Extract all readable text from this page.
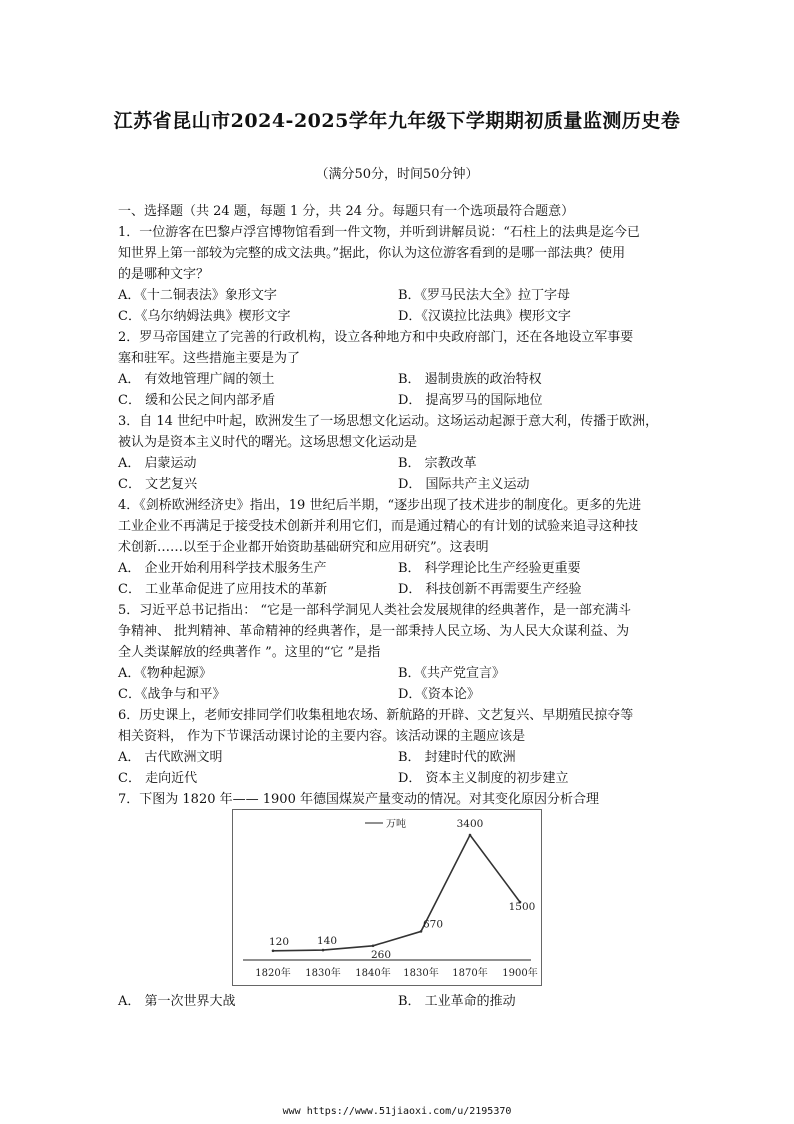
江苏省昆山市2024-2025学年九年级下学期期初质量监测历史卷
（满分50分，时间50分钟）
一、选择题（共 24 题，每题 1 分，共 24 分。每题只有一个选项最符合题意）
1．一位游客在巴黎卢浮宫博物馆看到一件文物，并听到讲解员说：“石柱上的法典是迄今已
知世界上第一部较为完整的成文法典。”据此，你认为这位游客看到的是哪一部法典？使用
的是哪种文字？
A．《十二铜表法》象形文字	B．《罗马民法大全》拉丁字母
C．《乌尔纳姆法典》楔形文字	D．《汉谟拉比法典》楔形文字
2．罗马帝国建立了完善的行政机构，设立各种地方和中央政府部门，还在各地设立军事要
塞和驻军。这些措施主要是为了
A． 有效地管理广阔的领土	B． 遏制贵族的政治特权
C． 缓和公民之间内部矛盾	D． 提高罗马的国际地位
3．自 14 世纪中叶起，欧洲发生了一场思想文化运动。这场运动起源于意大利，传播于欧洲，
被认为是资本主义时代的曙光。这场思想文化运动是
A． 启蒙运动	B． 宗教改革
C． 文艺复兴	D． 国际共产主义运动
4．《剑桥欧洲经济史》指出，19 世纪后半期，“逐步出现了技术进步的制度化。更多的先进
工业企业不再满足于接受技术创新并利用它们，而是通过精心的有计划的试验来追寻这种技
术创新……以至于企业都开始资助基础研究和应用研究”。这表明
A． 企业开始利用科学技术服务生产	B． 科学理论比生产经验更重要
C． 工业革命促进了应用技术的革新	D． 科技创新不再需要生产经验
5．习近平总书记指出： “它是一部科学洞见人类社会发展规律的经典著作，是一部充满斗
争精神、 批判精神、革命精神的经典著作，是一部秉持人民立场、为人民大众谋利益、为
全人类谋解放的经典著作 ”。这里的“它 ”是指
A．《物种起源》	B．《共产党宣言》
C．《战争与和平》	D．《资本论》
6．历史课上，老师安排同学们收集租地农场、新航路的开辟、文艺复兴、早期殖民掠夺等
相关资料， 作为下节课活动课讨论的主要内容。该活动课的主题应该是
A． 古代欧洲文明	B． 封建时代的欧洲
C． 走向近代	D． 资本主义制度的初步建立
7．下图为 1820 年—— 1900 年德国煤炭产量变动的情况。对其变化原因分析合理
万吨
120	140
260
670
3400
1500
1820年 1830年 1840年 1830年 1870年 1900年
A． 第一次世界大战	B． 工业革命的推动
www https://www.51jiaoxi.com/u/2195370
